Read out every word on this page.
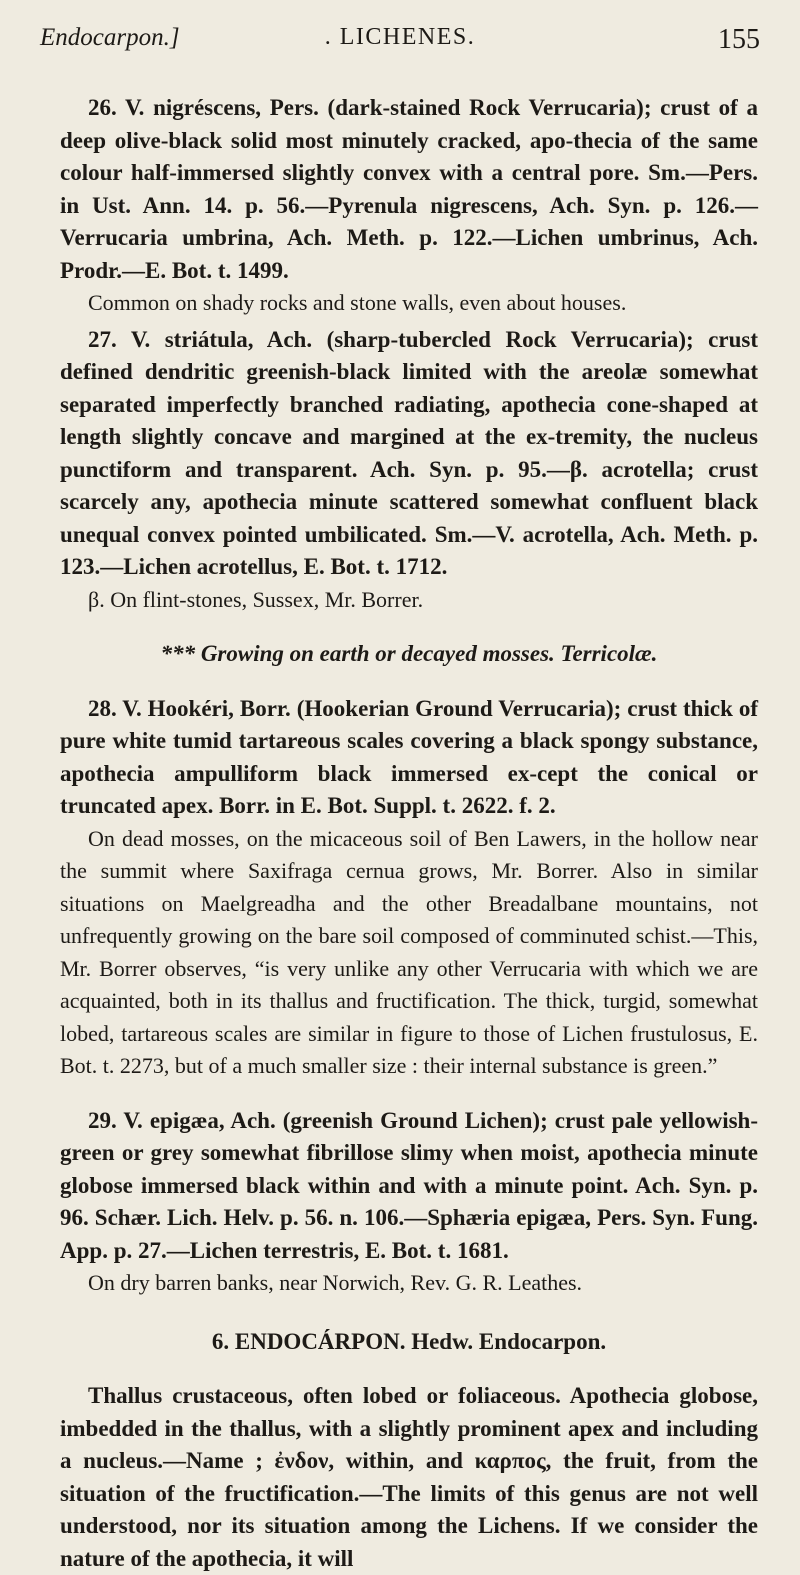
Endocarpon.]	. LICHENES.	155

26. V. nigréscens, Pers. (dark-stained Rock Verrucaria); crust of a deep olive-black solid most minutely cracked, apo-thecia of the same colour half-immersed slightly convex with a central pore. Sm.—Pers. in Ust. Ann. 14. p. 56.—Pyrenula nigrescens, Ach. Syn. p. 126.—Verrucaria umbrina, Ach. Meth. p. 122.—Lichen umbrinus, Ach. Prodr.—E. Bot. t. 1499.

Common on shady rocks and stone walls, even about houses.

27. V. striátula, Ach. (sharp-tubercled Rock Verrucaria); crust defined dendritic greenish-black limited with the areolæ somewhat separated imperfectly branched radiating, apothecia cone-shaped at length slightly concave and margined at the ex-tremity, the nucleus punctiform and transparent. Ach. Syn. p. 95.—β. acrotella; crust scarcely any, apothecia minute scattered somewhat confluent black unequal convex pointed umbilicated. Sm.—V. acrotella, Ach. Meth. p. 123.—Lichen acrotellus, E. Bot. t. 1712.

β. On flint-stones, Sussex, Mr. Borrer.

*** Growing on earth or decayed mosses. Terricolæ.

28. V. Hookéri, Borr. (Hookerian Ground Verrucaria); crust thick of pure white tumid tartareous scales covering a black spongy substance, apothecia ampulliform black immersed ex-cept the conical or truncated apex. Borr. in E. Bot. Suppl. t. 2622. f. 2.

On dead mosses, on the micaceous soil of Ben Lawers, in the hollow near the summit where Saxifraga cernua grows, Mr. Borrer. Also in similar situations on Maelgreadha and the other Breadalbane mountains, not unfrequently growing on the bare soil composed of comminuted schist.—This, Mr. Borrer observes, “is very unlike any other Verrucaria with which we are acquainted, both in its thallus and fructification. The thick, turgid, somewhat lobed, tartareous scales are similar in figure to those of Lichen frustulosus, E. Bot. t. 2273, but of a much smaller size : their internal substance is green.”

29. V. epigæa, Ach. (greenish Ground Lichen); crust pale yellowish-green or grey somewhat fibrillose slimy when moist, apothecia minute globose immersed black within and with a minute point. Ach. Syn. p. 96. Schær. Lich. Helv. p. 56. n. 106.—Sphæria epigæa, Pers. Syn. Fung. App. p. 27.—Lichen terrestris, E. Bot. t. 1681.

On dry barren banks, near Norwich, Rev. G. R. Leathes.

6. ENDOCÁRPON. Hedw. Endocarpon.

Thallus crustaceous, often lobed or foliaceous. Apothecia globose, imbedded in the thallus, with a slightly prominent apex and including a nucleus.—Name ; ἐνδον, within, and καρπος, the fruit, from the situation of the fructification.—The limits of this genus are not well understood, nor its situation among the Lichens. If we consider the nature of the apothecia, it will
